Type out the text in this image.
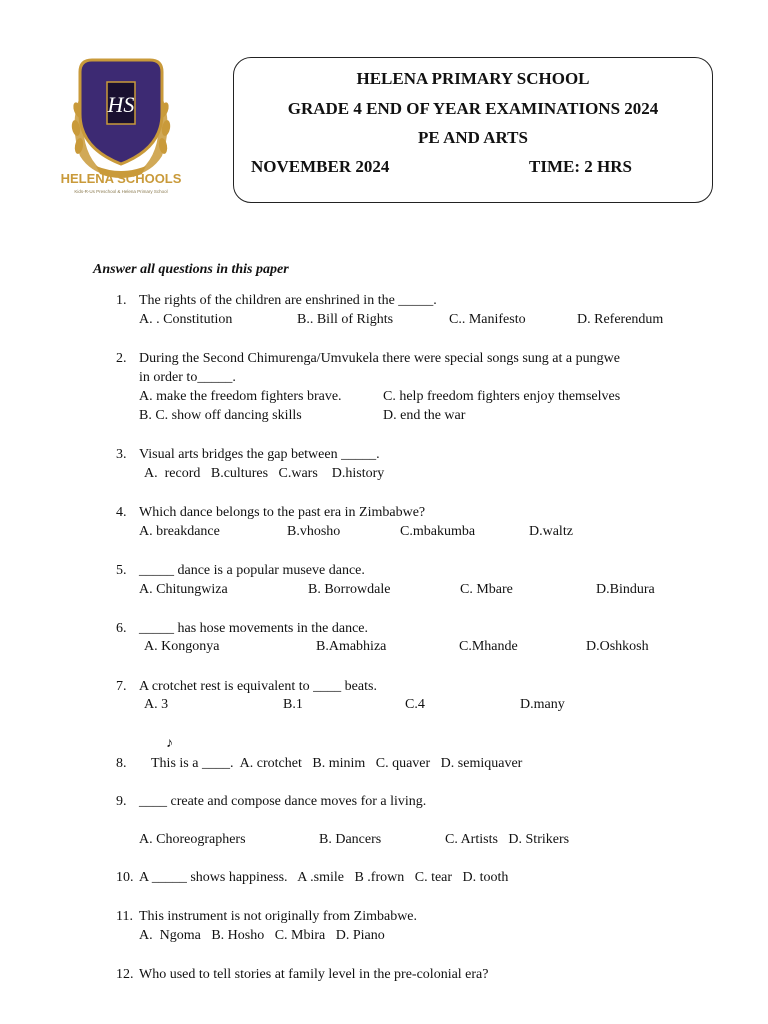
HS
HELENA SCHOOLS
Kids-R-Us Preschool & Helena Primary School
HELENA PRIMARY SCHOOL
GRADE 4 END OF YEAR EXAMINATIONS 2024
PE AND ARTS
NOVEMBER 2024	TIME: 2 HRS
Answer all questions in this paper
1. The rights of the children are enshrined in the _____.
A. . Constitution	B.. Bill of Rights	C.. Manifesto	D. Referendum
2. During the Second Chimurenga/Umvukela there were special songs sung at a pungwe
in order to_____.
A. make the freedom fighters brave.	C. help freedom fighters enjoy themselves
B. C. show off dancing skills	D. end the war
3. Visual arts bridges the gap between _____.
A.  record   B.cultures   C.wars    D.history
4. Which dance belongs to the past era in Zimbabwe?
A. breakdance	B.vhosho	C.mbakumba	D.waltz
5. _____ dance is a popular museve dance.
A. Chitungwiza	B. Borrowdale	C. Mbare	D.Bindura
6. _____ has hose movements in the dance.
A. Kongonya	B.Amabhiza	C.Mhande	D.Oshkosh
7. A crotchet rest is equivalent to ____ beats.
A. 3	B.1	C.4	D.many
♪
8. This is a ____.  A. crotchet   B. minim   C. quaver   D. semiquaver
9. ____ create and compose dance moves for a living.
A. Choreographers	B. Dancers	C. Artists   D. Strikers
10. A _____ shows happiness.   A .smile   B .frown   C. tear   D. tooth
11. This instrument is not originally from Zimbabwe.
A.  Ngoma   B. Hosho   C. Mbira   D. Piano
12. Who used to tell stories at family level in the pre-colonial era?
